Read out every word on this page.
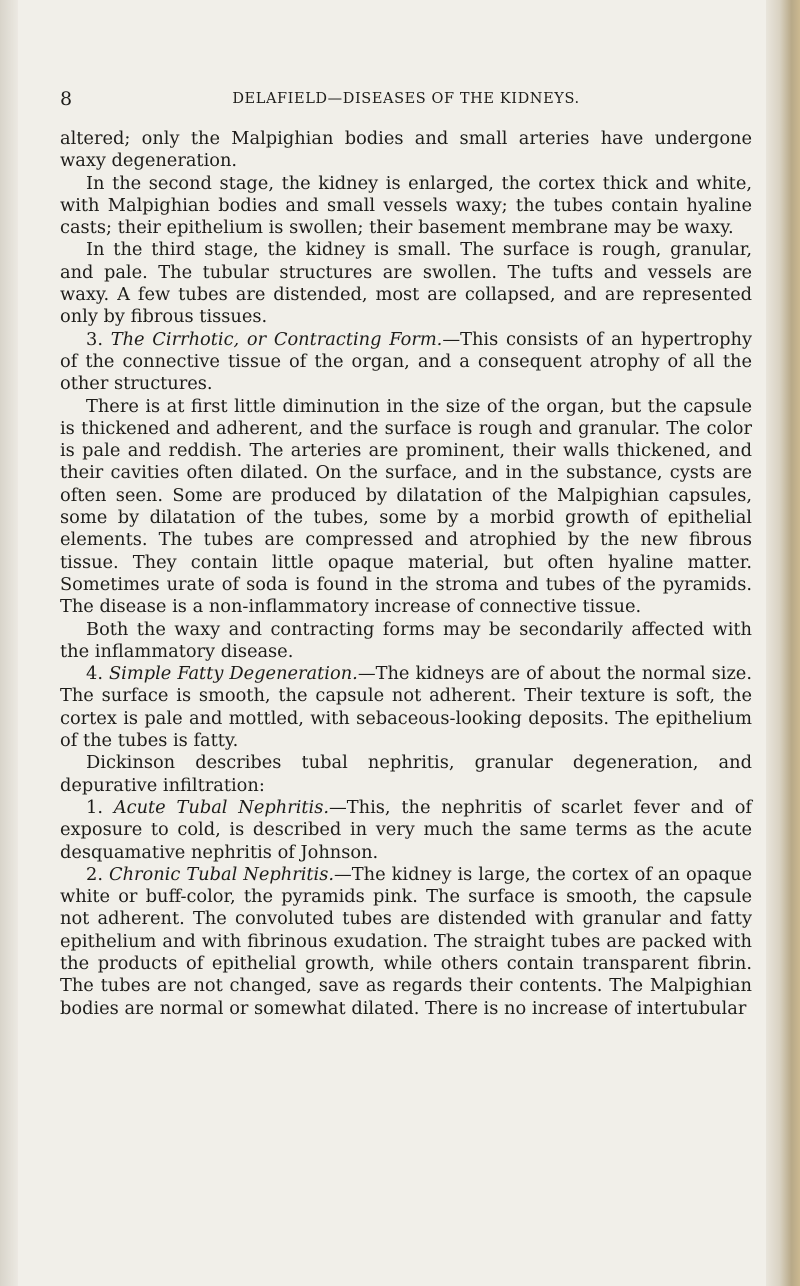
8	DELAFIELD—DISEASES OF THE KIDNEYS.

altered; only the Malpighian bodies and small arteries have undergone waxy degeneration.

In the second stage, the kidney is enlarged, the cortex thick and white, with Malpighian bodies and small vessels waxy; the tubes contain hyaline casts; their epithelium is swollen; their basement membrane may be waxy.

In the third stage, the kidney is small. The surface is rough, granular, and pale. The tubular structures are swollen. The tufts and vessels are waxy. A few tubes are distended, most are collapsed, and are represented only by fibrous tissues.

3. The Cirrhotic, or Contracting Form.—This consists of an hypertrophy of the connective tissue of the organ, and a consequent atrophy of all the other structures.

There is at first little diminution in the size of the organ, but the capsule is thickened and adherent, and the surface is rough and granular. The color is pale and reddish. The arteries are prominent, their walls thickened, and their cavities often dilated. On the surface, and in the substance, cysts are often seen. Some are produced by dilatation of the Malpighian capsules, some by dilatation of the tubes, some by a morbid growth of epithelial elements. The tubes are compressed and atrophied by the new fibrous tissue. They contain little opaque material, but often hyaline matter. Sometimes urate of soda is found in the stroma and tubes of the pyramids. The disease is a non-inflammatory increase of connective tissue.

Both the waxy and contracting forms may be secondarily affected with the inflammatory disease.

4. Simple Fatty Degeneration.—The kidneys are of about the normal size. The surface is smooth, the capsule not adherent. Their texture is soft, the cortex is pale and mottled, with sebaceous-looking deposits. The epithelium of the tubes is fatty.

Dickinson describes tubal nephritis, granular degeneration, and depurative infiltration:

1. Acute Tubal Nephritis.—This, the nephritis of scarlet fever and of exposure to cold, is described in very much the same terms as the acute desquamative nephritis of Johnson.

2. Chronic Tubal Nephritis.—The kidney is large, the cortex of an opaque white or buff-color, the pyramids pink. The surface is smooth, the capsule not adherent. The convoluted tubes are distended with granular and fatty epithelium and with fibrinous exudation. The straight tubes are packed with the products of epithelial growth, while others contain transparent fibrin. The tubes are not changed, save as regards their contents. The Malpighian bodies are normal or somewhat dilated. There is no increase of intertubular
